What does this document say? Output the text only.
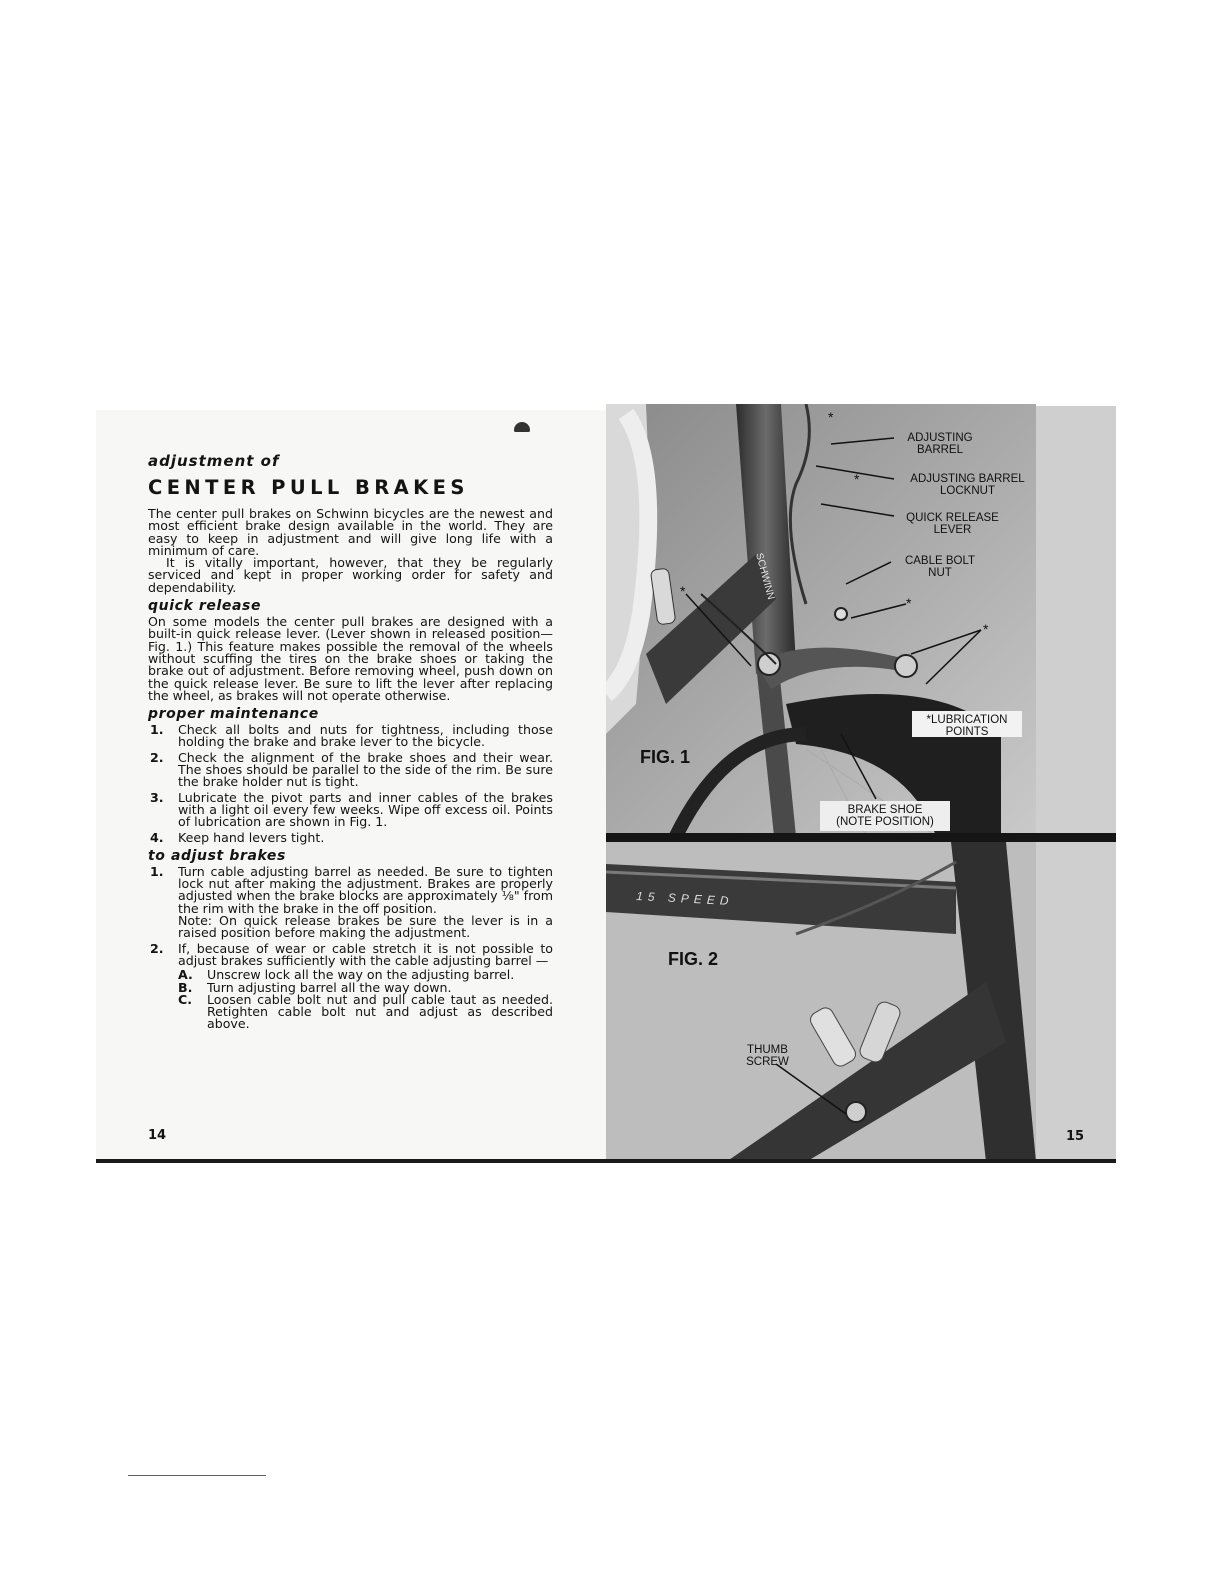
adjustment of

CENTER PULL BRAKES

The center pull brakes on Schwinn bicycles are the newest and most efficient brake design available in the world. They are easy to keep in adjustment and will give long life with a minimum of care.

It is vitally important, however, that they be regularly serviced and kept in proper working order for safety and dependability.

quick release

On some models the center pull brakes are designed with a built-in quick release lever. (Lever shown in released position—Fig. 1.) This feature makes possible the removal of the wheels without scuffing the tires on the brake shoes or taking the brake out of adjustment. Before removing wheel, push down on the quick release lever. Be sure to lift the lever after replacing the wheel, as brakes will not operate otherwise.

proper maintenance
1. Check all bolts and nuts for tightness, including those holding the brake and brake lever to the bicycle.

2. Check the alignment of the brake shoes and their wear. The shoes should be parallel to the side of the rim. Be sure the brake holder nut is tight.

3. Lubricate the pivot parts and inner cables of the brakes with a light oil every few weeks. Wipe off excess oil. Points of lubrication are shown in Fig. 1.

4. Keep hand levers tight.

to adjust brakes
1. Turn cable adjusting barrel as needed. Be sure to tighten lock nut after making the adjustment. Brakes are properly adjusted when the brake blocks are approximately ⅛" from the rim with the brake in the off position.

Note: On quick release brakes be sure the lever is in a raised position before making the adjustment.

2. If, because of wear or cable stretch it is not possible to adjust brakes sufficiently with the cable adjusting barrel —

A. Unscrew lock all the way on the adjusting barrel.

B. Turn adjusting barrel all the way down.

C. Loosen cable bolt nut and pull cable taut as needed. Retighten cable bolt nut and adjust as described above.

14
*
*
*
*
*	SCHWINN
FIG. 1
ADJUSTING
BARREL
ADJUSTING BARREL
LOCKNUT
QUICK RELEASE
LEVER
CABLE BOLT
NUT
*LUBRICATION
POINTS
BRAKE SHOE
(NOTE POSITION)
15 SPEED
FIG. 2
THUMB
SCREW
15
